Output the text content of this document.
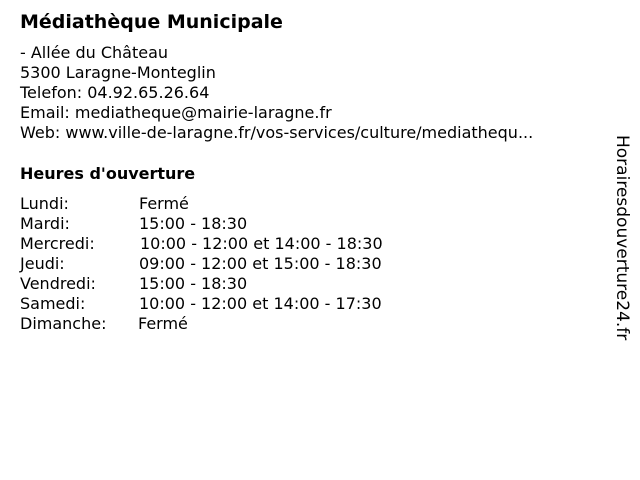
Médiathèque Municipale
- Allée du Château
5300 Laragne-Monteglin
Telefon: 04.92.65.26.64
Email: mediatheque@mairie-laragne.fr
Web: www.ville-de-laragne.fr/vos-services/culture/mediathequ...
Heures d'ouverture
Lundi:	Fermé
Mardi:	15:00 - 18:30
Mercredi:	10:00 - 12:00 et 14:00 - 18:30
Jeudi:	09:00 - 12:00 et 15:00 - 18:30
Vendredi:	15:00 - 18:30
Samedi:	10:00 - 12:00 et 14:00 - 17:30
Dimanche: Fermé	Horairesdouverture24.fr
